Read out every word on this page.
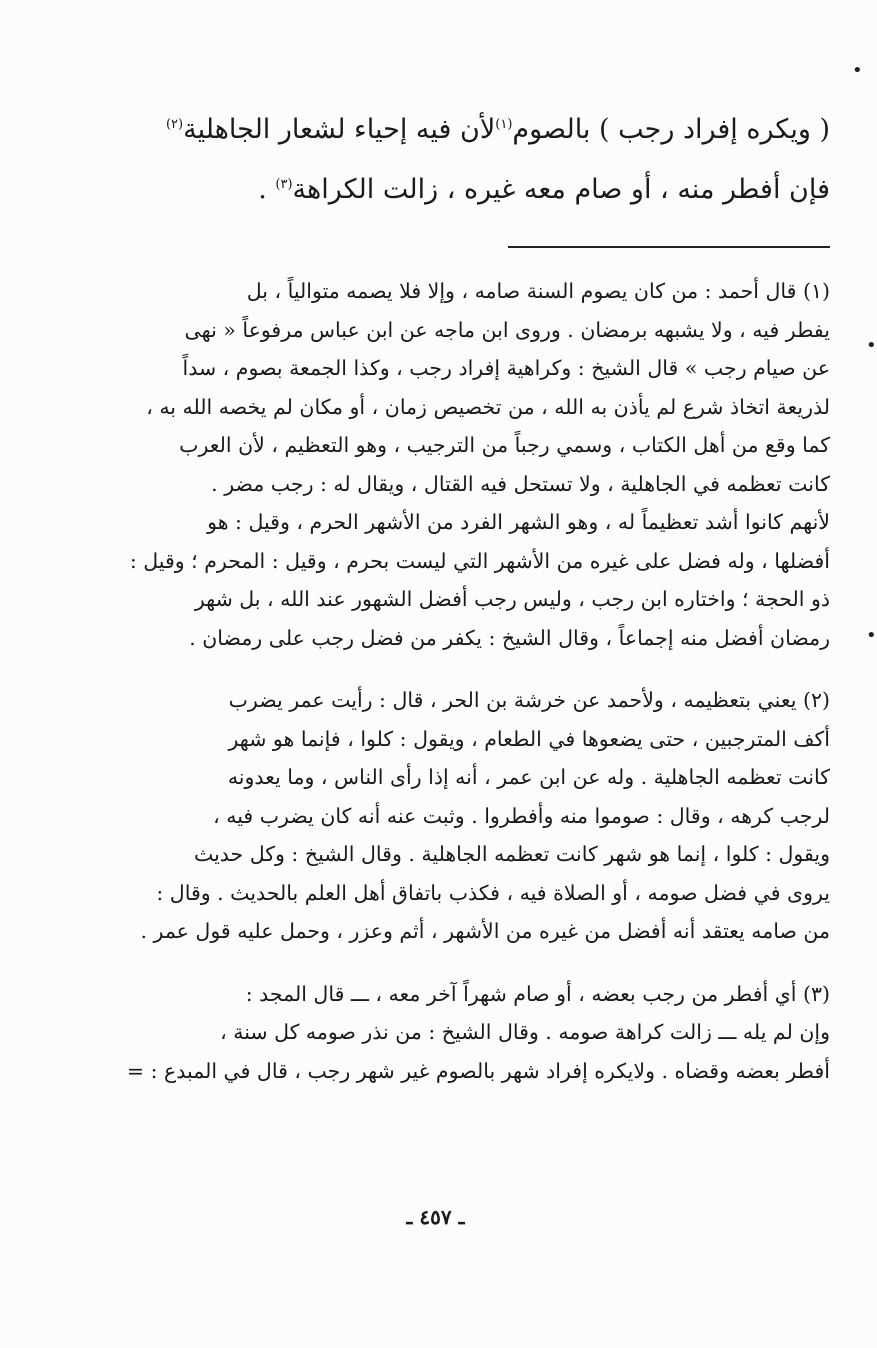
•
•
•

( ويكره إفراد رجب ) بالصوم$^{(١)}$لأن فيه إحياء لشعار الجاهلية$^{(٢)}$

فإن أفطر منه ، أو صام معه غيره ، زالت الكراهة$^{(٣)}$ .

(١) قال أحمد : من كان يصوم السنة صامه ، وإلا فلا يصمه متوالياً ، بل

يفطر فيه ، ولا يشبهه برمضان . وروى ابن ماجه عن ابن عباس مرفوعاً « نهى

عن صيام رجب » قال الشيخ : وكراهية إفراد رجب ، وكذا الجمعة بصوم ، سداً

لذريعة اتخاذ شرع لم يأذن به الله ، من تخصيص زمان ، أو مكان لم يخصه الله به ،

كما وقع من أهل الكتاب ، وسمي رجباً من الترجيب ، وهو التعظيم ، لأن العرب

كانت تعظمه في الجاهلية ، ولا تستحل فيه القتال ، ويقال له : رجب مضر .

لأنهم كانوا أشد تعظيماً له ، وهو الشهر الفرد من الأشهر الحرم ، وقيل : هو

أفضلها ، وله فضل على غيره من الأشهر التي ليست بحرم ، وقيل : المحرم ؛ وقيل :

ذو الحجة ؛ واختاره ابن رجب ، وليس رجب أفضل الشهور عند الله ، بل شهر

رمضان أفضل منه إجماعاً ، وقال الشيخ : يكفر من فضل رجب على رمضان .

(٢) يعني بتعظيمه ، ولأحمد عن خرشة بن الحر ، قال : رأيت عمر يضرب

أكف المترجبين ، حتى يضعوها في الطعام ، ويقول : كلوا ، فإنما هو شهر

كانت تعظمه الجاهلية . وله عن ابن عمر ، أنه إذا رأى الناس ، وما يعدونه

لرجب كرهه ، وقال : صوموا منه وأفطروا . وثبت عنه أنه كان يضرب فيه ،

ويقول : كلوا ، إنما هو شهر كانت تعظمه الجاهلية . وقال الشيخ : وكل حديث

يروى في فضل صومه ، أو الصلاة فيه ، فكذب باتفاق أهل العلم بالحديث . وقال :

من صامه يعتقد أنه أفضل من غيره من الأشهر ، أثم وعزر ، وحمل عليه قول عمر .

(٣) أي أفطر من رجب بعضه ، أو صام شهراً آخر معه ، ـــ قال المجد :

وإن لم يله ـــ زالت كراهة صومه . وقال الشيخ : من نذر صومه كل سنة ،

أفطر بعضه وقضاه . ولايكره إفراد شهر بالصوم غير شهر رجب ، قال في المبدع : =

ـ ٤٥٧ ـ
